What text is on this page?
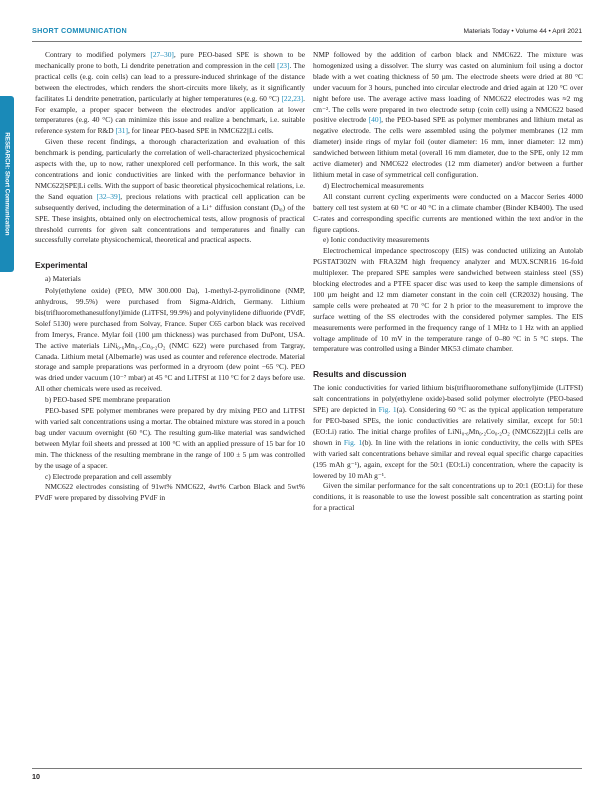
SHORT COMMUNICATION	Materials Today • Volume 44 • April 2021
RESEARCH: Short Communication

Contrary to modified polymers [27–30], pure PEO-based SPE is shown to be mechanically prone to both, Li dendrite penetration and compression in the cell [23]. The practical cells (e.g. coin cells) can lead to a pressure-induced shrinkage of the distance between the electrodes, which renders the short-circuits more likely, as it significantly facilitates Li dendrite penetration, particularly at higher temperatures (e.g. 60 °C) [22,23]. For example, a proper spacer between the electrodes and/or application at lower temperatures (e.g. 40 °C) can minimize this issue and realize a benchmark, i.e. suitable reference system for R&D [31], for linear PEO-based SPE in NMC622||Li cells.

Given these recent findings, a thorough characterization and evaluation of this benchmark is pending, particularly the correlation of well-characterized physicochemical aspects with the, up to now, rather unexplored cell performance. In this work, the salt concentrations and ionic conductivities are linked with the performance behavior in NMC622|SPE|Li cells. With the support of basic theoretical physicochemical relations, i.e. the Sand equation [32–39], precious relations with practical cell application can be subsequently derived, including the determination of a Li⁺ diffusion constant (Dᵢ₀) of the SPE. These insights, obtained only on electrochemical tests, allow prognosis of practical threshold currents for given salt concentrations and temperatures and finally can successfully correlate physicochemical, theoretical and practical aspects.

Experimental

a) Materials

Poly(ethylene oxide) (PEO, MW 300.000 Da), 1-methyl-2-pyrrolidinone (NMP, anhydrous, 99.5%) were purchased from Sigma-Aldrich, Germany. Lithium bis(trifluoromethanesulfonyl)imide (LiTFSI, 99.9%) and polyvinylidene difluoride (PVdF, Solef 5130) were purchased from Solvay, France. Super C65 carbon black was received from Imerys, France. Mylar foil (100 µm thickness) was purchased from DuPont, USA. The active materials LiNi₀.₆Mn₀.₂Co₀.₂O₂ (NMC 622) were purchased from Targray, Canada. Lithium metal (Albemarle) was used as counter and reference electrode. Material storage and sample preparations was performed in a dryroom (dew point −65 °C). PEO was dried under vacuum (10⁻⁷ mbar) at 45 °C and LiTFSI at 110 °C for 2 days before use. All other chemicals were used as received.

b) PEO-based SPE membrane preparation

PEO-based SPE polymer membranes were prepared by dry mixing PEO and LiTFSI with varied salt concentrations using a mortar. The obtained mixture was stored in a pouch bag under vacuum overnight (60 °C). The resulting gum-like material was sandwiched between Mylar foil sheets and pressed at 100 °C with an applied pressure of 15 bar for 10 min. The thickness of the resulting membrane in the range of 100 ± 5 µm was controlled by the usage of a spacer.

c) Electrode preparation and cell assembly

NMC622 electrodes consisting of 91wt% NMC622, 4wt% Carbon Black and 5wt% PVdF were prepared by dissolving PVdF in

NMP followed by the addition of carbon black and NMC622. The mixture was homogenized using a dissolver. The slurry was casted on aluminium foil using a doctor blade with a wet coating thickness of 50 µm. The electrode sheets were dried at 80 °C under vacuum for 3 hours, punched into circular electrode and dried again at 120 °C over night before use. The average active mass loading of NMC622 electrodes was ≈2 mg cm⁻². The cells were prepared in two electrode setup (coin cell) using a NMC622 based positive electrode [40], the PEO-based SPE as polymer membranes and lithium metal as negative electrode. The cells were assembled using the polymer membranes (12 mm diameter) inside rings of mylar foil (outer diameter: 16 mm, inner diameter: 12 mm) sandwiched between lithium metal (overall 16 mm diameter, due to the SPE, only 12 mm active diameter) and NMC622 electrodes (12 mm diameter) and/or between a further lithium metal in case of symmetrical cell configuration.

d) Electrochemical measurements

All constant current cycling experiments were conducted on a Maccor Series 4000 battery cell test system at 60 °C or 40 °C in a climate chamber (Binder KB400). The used C-rates and corresponding specific currents are mentioned within the text and/or in the figure captions.

e) Ionic conductivity measurements

Electrochemical impedance spectroscopy (EIS) was conducted utilizing an Autolab PGSTAT302N with FRA32M high frequency analyzer and MUX.SCNR16 16-fold multiplexer. The prepared SPE samples were sandwiched between stainless steel (SS) blocking electrodes and a PTFE spacer disc was used to keep the sample dimensions of 100 µm height and 12 mm diameter constant in the coin cell (CR2032) housing. The sample cells were preheated at 70 °C for 2 h prior to the measurement to improve the surface wetting of the SS electrodes with the considered polymer samples. The EIS measurements were performed in the frequency range of 1 MHz to 1 Hz with an applied voltage amplitude of 10 mV in the temperature range of 0–80 °C in 5 °C steps. The temperature was controlled using a Binder MK53 climate chamber.

Results and discussion

The ionic conductivities for varied lithium bis(trifluoromethane sulfonyl)imide (LiTFSI) salt concentrations in poly(ethylene oxide)-based solid polymer electrolyte (PEO-based SPE) are depicted in Fig. 1(a). Considering 60 °C as the typical application temperature for PEO-based SPEs, the ionic conductivities are relatively similar, except for 50:1 (EO:Li) ratio. The initial charge profiles of LiNi₀.₆Mn₀.₂Co₀.₂O₂ (NMC622)||Li cells are shown in Fig. 1(b). In line with the relations in ionic conductivity, the cells with SPEs with varied salt concentrations behave similar and reveal equal specific charge capacities (195 mAh g⁻¹), again, except for the 50:1 (EO:Li) concentration, where the capacity is lowered by 10 mAh g⁻¹.

Given the similar performance for the salt concentrations up to 20:1 (EO:Li) for these conditions, it is reasonable to use the lowest possible salt concentration as starting point for a practical

10
